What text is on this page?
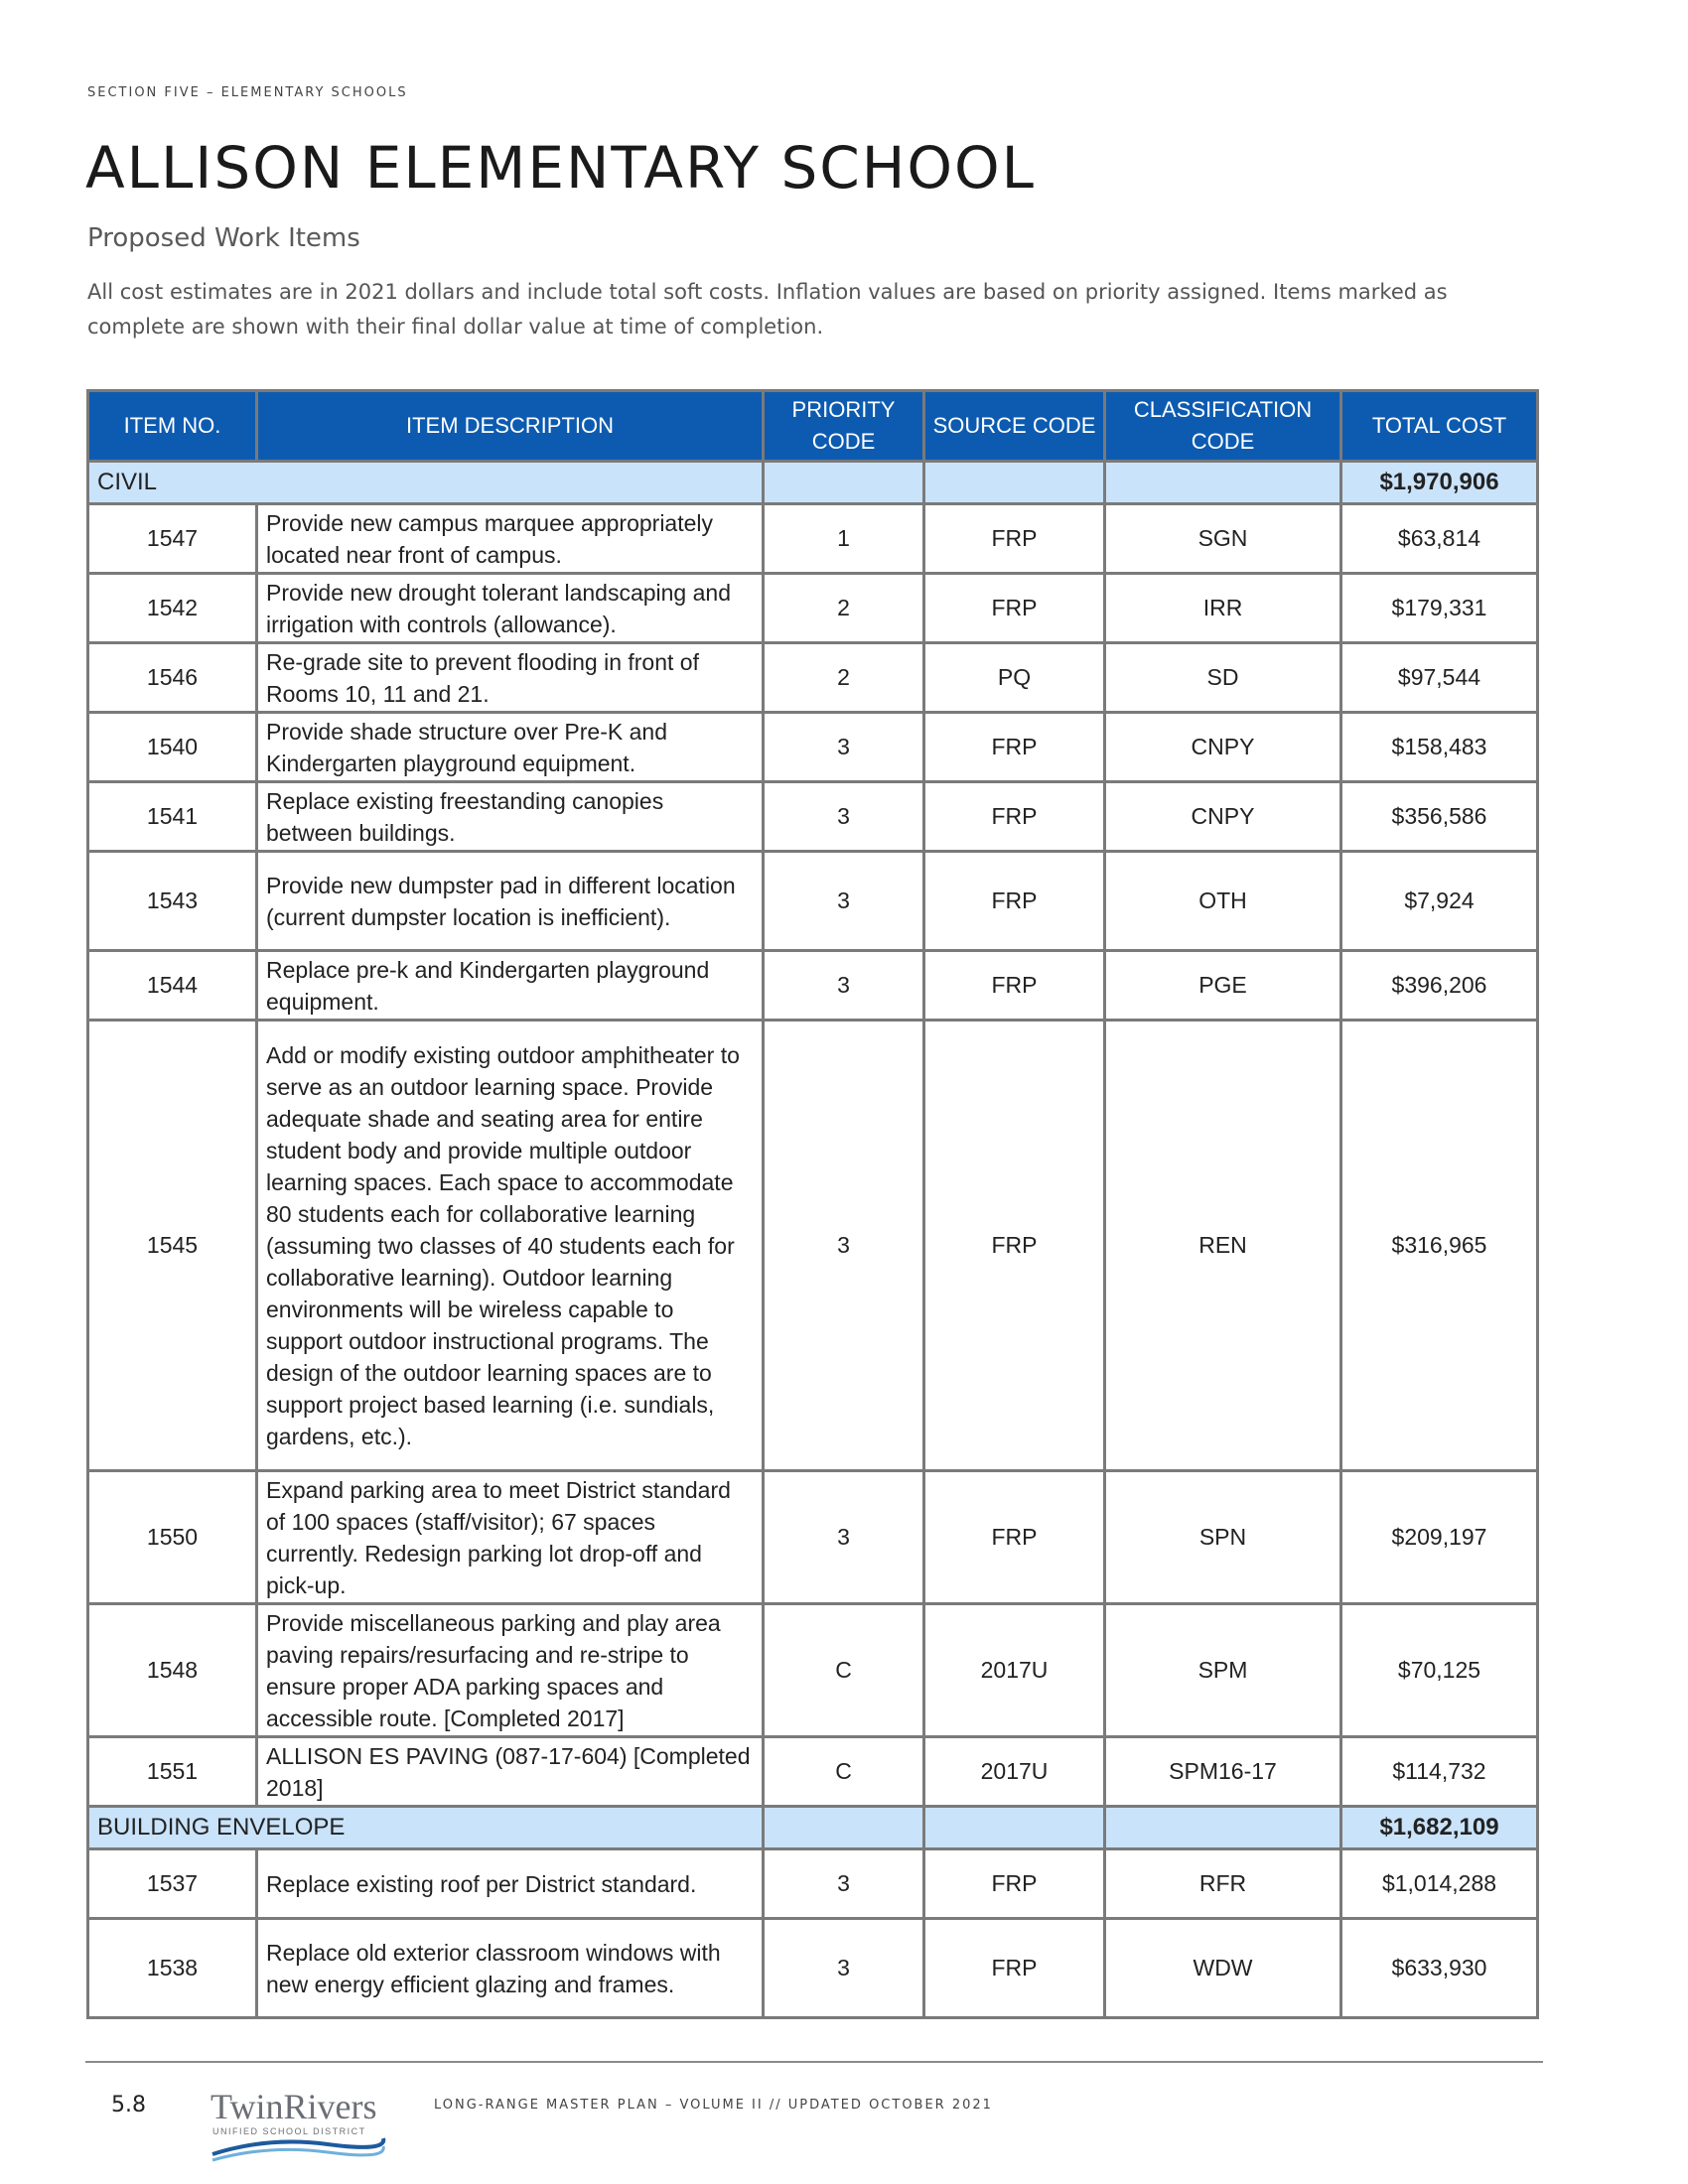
SECTION FIVE – ELEMENTARY SCHOOLS
ALLISON ELEMENTARY SCHOOL
Proposed Work Items
All cost estimates are in 2021 dollars and include total soft costs. Inflation values are based on priority assigned. Items marked as complete are shown with their final dollar value at time of completion.
ITEM NO.	ITEM DESCRIPTION	PRIORITY CODE	SOURCE CODE	CLASSIFICATION CODE	TOTAL COST
CIVIL					$1,970,906
1547	Provide new campus marquee appropriately located near front of campus.	1	FRP	SGN	$63,814
1542	Provide new drought tolerant landscaping and irrigation with controls (allowance).	2	FRP	IRR	$179,331
1546	Re-grade site to prevent flooding in front of Rooms 10, 11 and 21.	2	PQ	SD	$97,544
1540	Provide shade structure over Pre-K and Kindergarten playground equipment.	3	FRP	CNPY	$158,483
1541	Replace existing freestanding canopies between buildings.	3	FRP	CNPY	$356,586
1543	Provide new dumpster pad in different location (current dumpster location is inefficient).	3	FRP	OTH	$7,924
1544	Replace pre-k and Kindergarten playground equipment.	3	FRP	PGE	$396,206
1545	Add or modify existing outdoor amphitheater to serve as an outdoor learning space. Provide adequate shade and seating area for entire student body and provide multiple outdoor learning spaces. Each space to accommodate 80 students each for collaborative learning (assuming two classes of 40 students each for collaborative learning). Outdoor learning environments will be wireless capable to support outdoor instructional programs. The design of the outdoor learning spaces are to support project based learning (i.e. sundials, gardens, etc.).	3	FRP	REN	$316,965
1550	Expand parking area to meet District standard of 100 spaces (staff/visitor); 67 spaces currently. Redesign parking lot drop-off and pick-up.	3	FRP	SPN	$209,197
1548	Provide miscellaneous parking and play area paving repairs/resurfacing and re-stripe to ensure proper ADA parking spaces and accessible route. [Completed 2017]	C	2017U	SPM	$70,125
1551	ALLISON ES PAVING (087-17-604) [Completed 2018]	C	2017U	SPM16-17	$114,732
BUILDING ENVELOPE					$1,682,109
1537	Replace existing roof per District standard.	3	FRP	RFR	$1,014,288
1538	Replace old exterior classroom windows with new energy efficient glazing and frames.	3	FRP	WDW	$633,930
5.8 TwinRivers
UNIFIED SCHOOL DISTRICT
LONG-RANGE MASTER PLAN – VOLUME II // UPDATED OCTOBER 2021
